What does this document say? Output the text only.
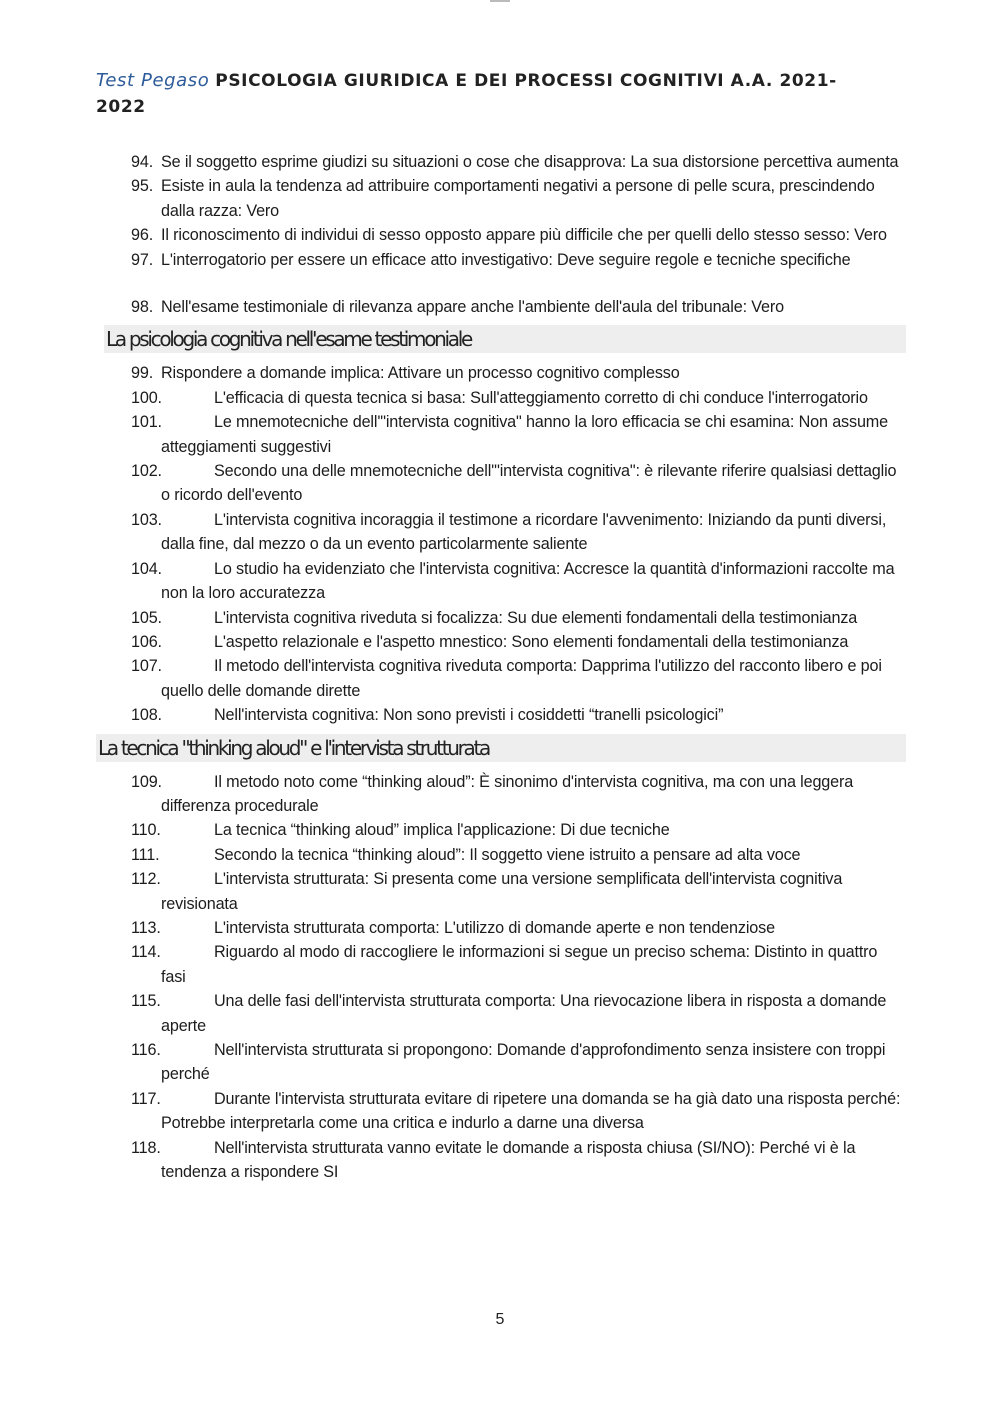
Test Pegaso PSICOLOGIA GIURIDICA E DEI PROCESSI COGNITIVI A.A. 2021-2022
94. Se il soggetto esprime giudizi su situazioni o cose che disapprova: La sua distorsione percettiva aumenta
95. Esiste in aula la tendenza ad attribuire comportamenti negativi a persone di pelle scura, prescindendo dalla razza: Vero
96. Il riconoscimento di individui di sesso opposto appare più difficile che per quelli dello stesso sesso: Vero
97. L'interrogatorio per essere un efficace atto investigativo: Deve seguire regole e tecniche specifiche
98. Nell'esame testimoniale di rilevanza appare anche l'ambiente dell'aula del tribunale: Vero
La psicologia cognitiva nell'esame testimoniale
99. Rispondere a domande implica: Attivare un processo cognitivo complesso
100.	L'efficacia di questa tecnica si basa: Sull'atteggiamento corretto di chi conduce l'interrogatorio
101.	Le mnemotecniche dell'"intervista cognitiva" hanno la loro efficacia se chi esamina: Non assume atteggiamenti suggestivi
102.	Secondo una delle mnemotecniche dell'"intervista cognitiva": è rilevante riferire qualsiasi dettaglio o ricordo dell'evento
103.	L'intervista cognitiva incoraggia il testimone a ricordare l'avvenimento: Iniziando da punti diversi, dalla fine, dal mezzo o da un evento particolarmente saliente
104.	Lo studio ha evidenziato che l'intervista cognitiva: Accresce la quantità d'informazioni raccolte ma non la loro accuratezza
105.	L'intervista cognitiva riveduta si focalizza: Su due elementi fondamentali della testimonianza
106.	L'aspetto relazionale e l'aspetto mnestico: Sono elementi fondamentali della testimonianza
107.	Il metodo dell'intervista cognitiva riveduta comporta: Dapprima l'utilizzo del racconto libero e poi quello delle domande dirette
108.	Nell'intervista cognitiva: Non sono previsti i cosiddetti “tranelli psicologici”
La tecnica "thinking aloud" e l'intervista strutturata
109.	Il metodo noto come “thinking aloud”: È sinonimo d'intervista cognitiva, ma con una leggera differenza procedurale
110.	La tecnica “thinking aloud” implica l'applicazione: Di due tecniche
111.	Secondo la tecnica “thinking aloud”: Il soggetto viene istruito a pensare ad alta voce
112.	L'intervista strutturata: Si presenta come una versione semplificata dell'intervista cognitiva revisionata
113.	L'intervista strutturata comporta: L'utilizzo di domande aperte e non tendenziose
114.	Riguardo al modo di raccogliere le informazioni si segue un preciso schema: Distinto in quattro fasi
115.	Una delle fasi dell'intervista strutturata comporta: Una rievocazione libera in risposta a domande aperte
116.	Nell'intervista strutturata si propongono: Domande d'approfondimento senza insistere con troppi perché
117.	Durante l'intervista strutturata evitare di ripetere una domanda se ha già dato una risposta perché: Potrebbe interpretarla come una critica e indurlo a darne una diversa
118.	Nell'intervista strutturata vanno evitate le domande a risposta chiusa (SI/NO): Perché vi è la tendenza a rispondere SI
5
